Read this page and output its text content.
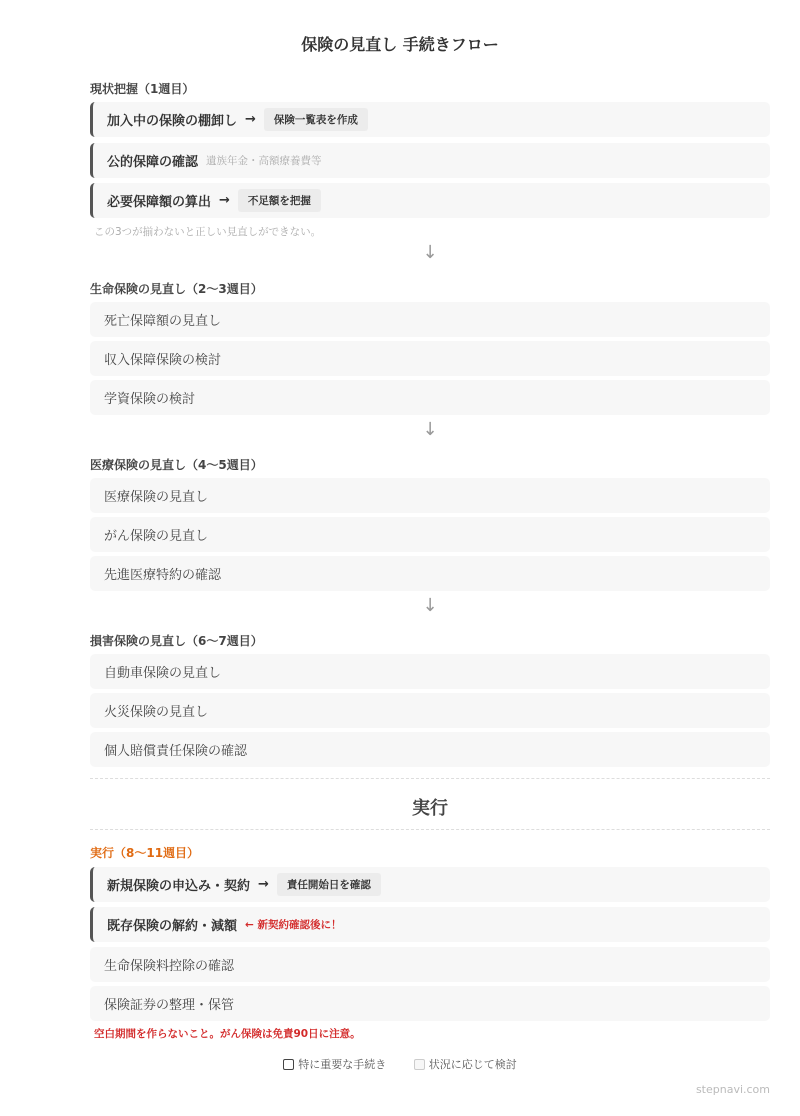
保険の見直し 手続きフロー
現状把握（1週目）
加入中の保険の棚卸し →	保険一覧表を作成
公的保障の確認 遺族年金・高額療養費等
必要保障額の算出 →	不足額を把握
この3つが揃わないと正しい見直しができない。
↓
生命保険の見直し（2〜3週目）
死亡保障額の見直し
収入保障保険の検討
学資保険の検討
↓
医療保険の見直し（4〜5週目）
医療保険の見直し
がん保険の見直し
先進医療特約の確認
↓
損害保険の見直し（6〜7週目）
自動車保険の見直し
火災保険の見直し
個人賠償責任保険の確認
実行
実行（8〜11週目）
新規保険の申込み・契約 →	責任開始日を確認
既存保険の解約・減額 ← 新契約確認後に！
生命保険料控除の確認
保険証券の整理・保管
空白期間を作らないこと。がん保険は免責90日に注意。
特に重要な手続き
	状況に応じて検討
stepnavi.com
